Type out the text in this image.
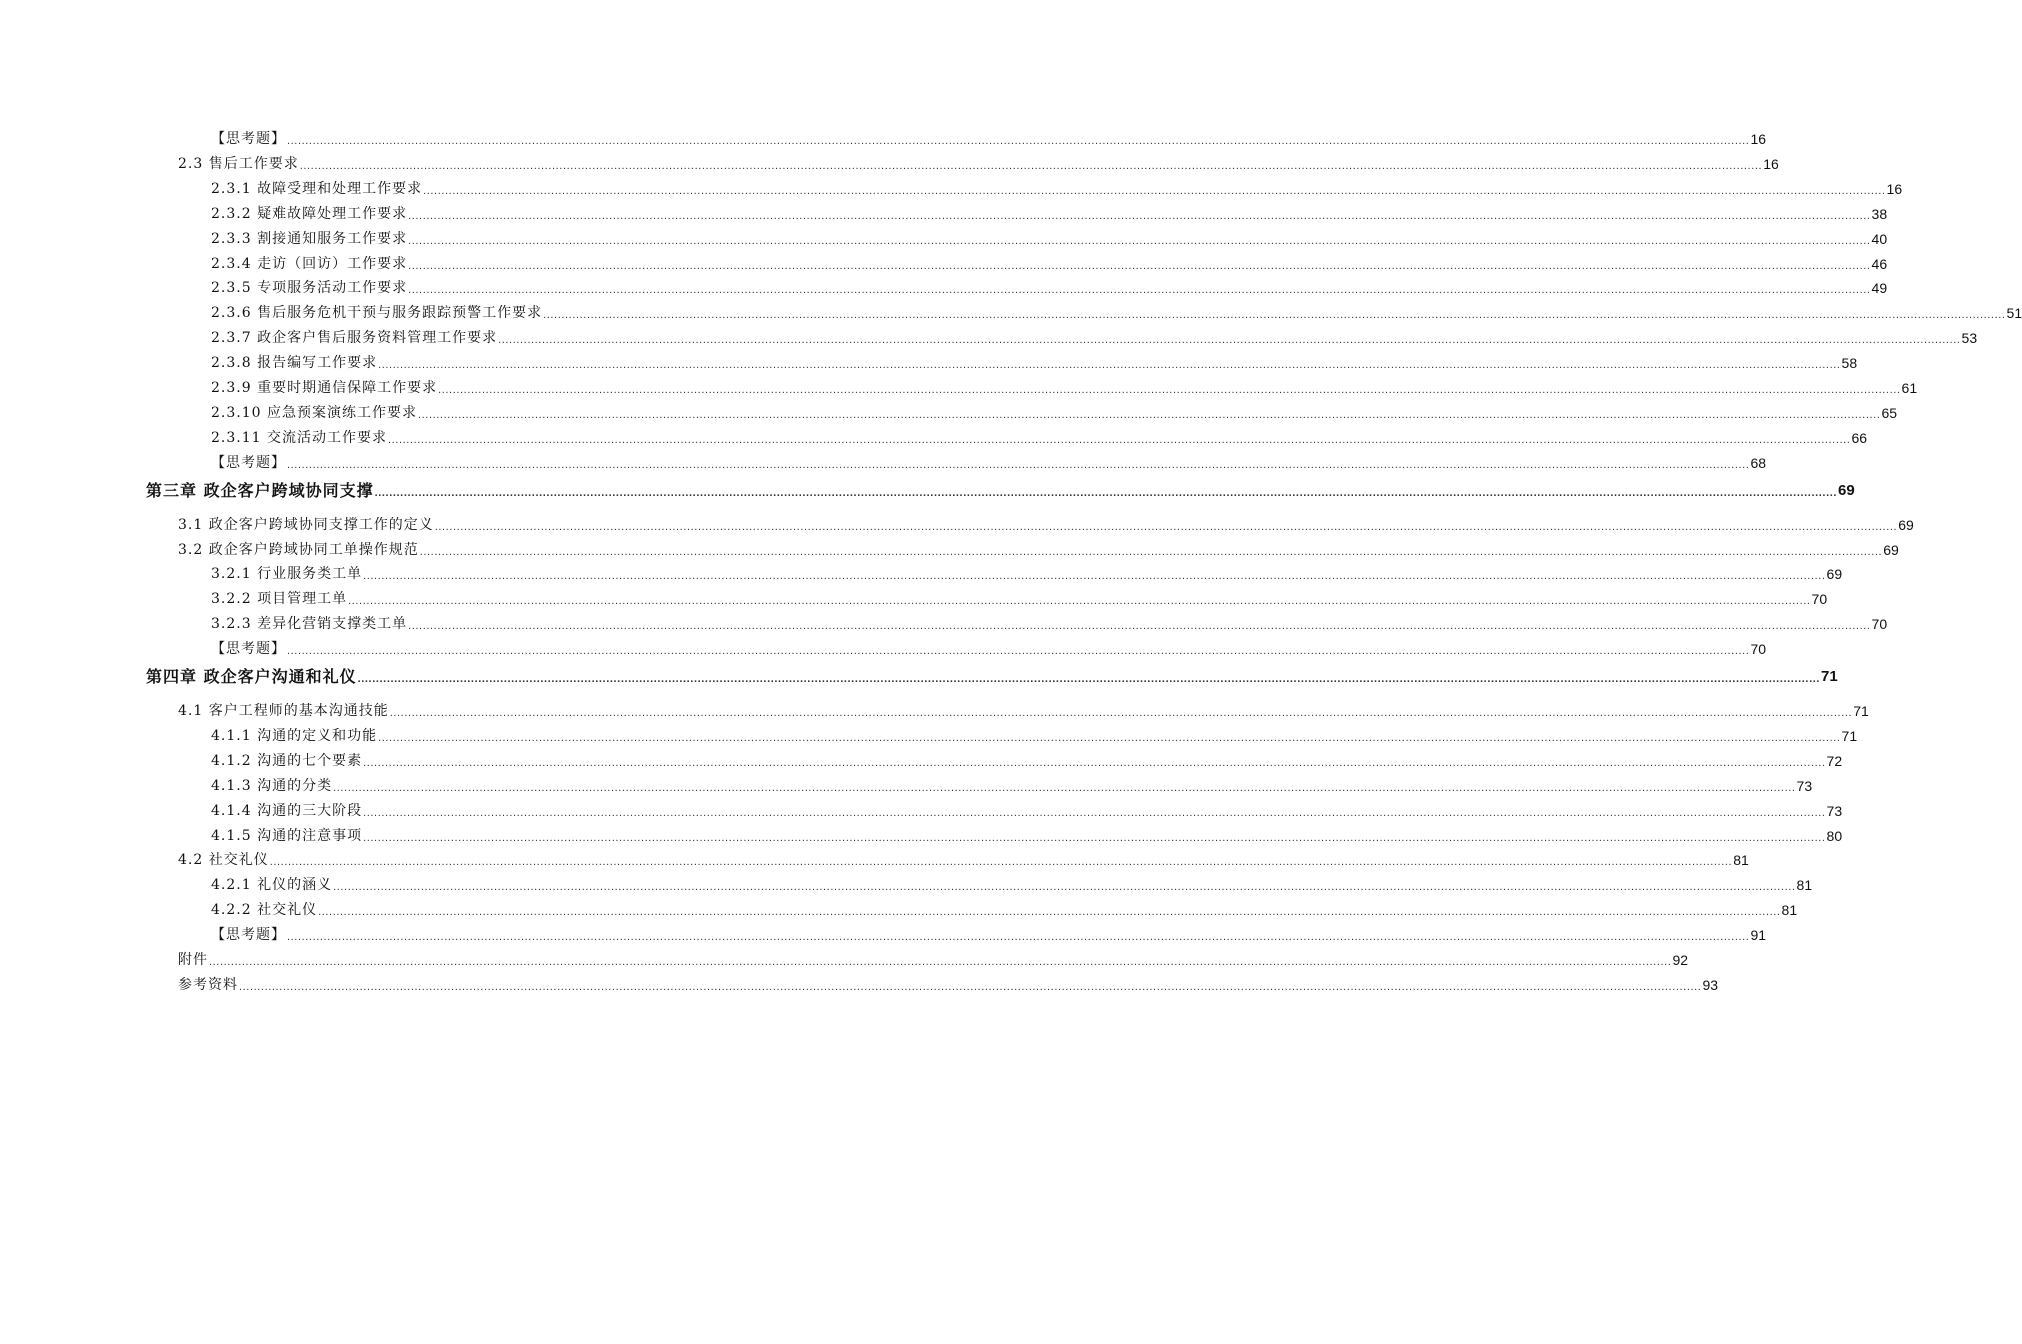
【思考题】 ................................................................................................................................................................................................................................................................................................................................................................................................................ 16
2.3 售后工作要求 ................................................................................................................................................................................................................................................................................................................................................................................................................ 16
2.3.1 故障受理和处理工作要求 ................................................................................................................................................................................................................................................................................................................................................................................................................ 16
2.3.2 疑难故障处理工作要求 ................................................................................................................................................................................................................................................................................................................................................................................................................ 38
2.3.3 割接通知服务工作要求 ................................................................................................................................................................................................................................................................................................................................................................................................................ 40
2.3.4 走访（回访）工作要求 ................................................................................................................................................................................................................................................................................................................................................................................................................ 46
2.3.5 专项服务活动工作要求 ................................................................................................................................................................................................................................................................................................................................................................................................................ 49
2.3.6 售后服务危机干预与服务跟踪预警工作要求 ................................................................................................................................................................................................................................................................................................................................................................................................................ 51
2.3.7 政企客户售后服务资料管理工作要求 ................................................................................................................................................................................................................................................................................................................................................................................................................ 53
2.3.8 报告编写工作要求 ................................................................................................................................................................................................................................................................................................................................................................................................................ 58
2.3.9 重要时期通信保障工作要求 ................................................................................................................................................................................................................................................................................................................................................................................................................ 61
2.3.10 应急预案演练工作要求 ................................................................................................................................................................................................................................................................................................................................................................................................................ 65
2.3.11 交流活动工作要求 ................................................................................................................................................................................................................................................................................................................................................................................................................ 66
【思考题】 ................................................................................................................................................................................................................................................................................................................................................................................................................ 68
第三章 政企客户跨域协同支撑 ................................................................................................................................................................................................................................................................................................................................................................................................................ 69
3.1 政企客户跨域协同支撑工作的定义 ................................................................................................................................................................................................................................................................................................................................................................................................................ 69
3.2 政企客户跨域协同工单操作规范 ................................................................................................................................................................................................................................................................................................................................................................................................................ 69
3.2.1 行业服务类工单 ................................................................................................................................................................................................................................................................................................................................................................................................................ 69
3.2.2 项目管理工单 ................................................................................................................................................................................................................................................................................................................................................................................................................ 70
3.2.3 差异化营销支撑类工单 ................................................................................................................................................................................................................................................................................................................................................................................................................ 70
【思考题】 ................................................................................................................................................................................................................................................................................................................................................................................................................ 70
第四章 政企客户沟通和礼仪 ................................................................................................................................................................................................................................................................................................................................................................................................................ 71
4.1 客户工程师的基本沟通技能 ................................................................................................................................................................................................................................................................................................................................................................................................................ 71
4.1.1 沟通的定义和功能 ................................................................................................................................................................................................................................................................................................................................................................................................................ 71
4.1.2 沟通的七个要素 ................................................................................................................................................................................................................................................................................................................................................................................................................ 72
4.1.3 沟通的分类 ................................................................................................................................................................................................................................................................................................................................................................................................................ 73
4.1.4 沟通的三大阶段 ................................................................................................................................................................................................................................................................................................................................................................................................................ 73
4.1.5 沟通的注意事项 ................................................................................................................................................................................................................................................................................................................................................................................................................ 80
4.2 社交礼仪 ................................................................................................................................................................................................................................................................................................................................................................................................................ 81
4.2.1 礼仪的涵义 ................................................................................................................................................................................................................................................................................................................................................................................................................ 81
4.2.2 社交礼仪 ................................................................................................................................................................................................................................................................................................................................................................................................................ 81
【思考题】 ................................................................................................................................................................................................................................................................................................................................................................................................................ 91
附件 ................................................................................................................................................................................................................................................................................................................................................................................................................ 92
参考资料 ................................................................................................................................................................................................................................................................................................................................................................................................................ 93
